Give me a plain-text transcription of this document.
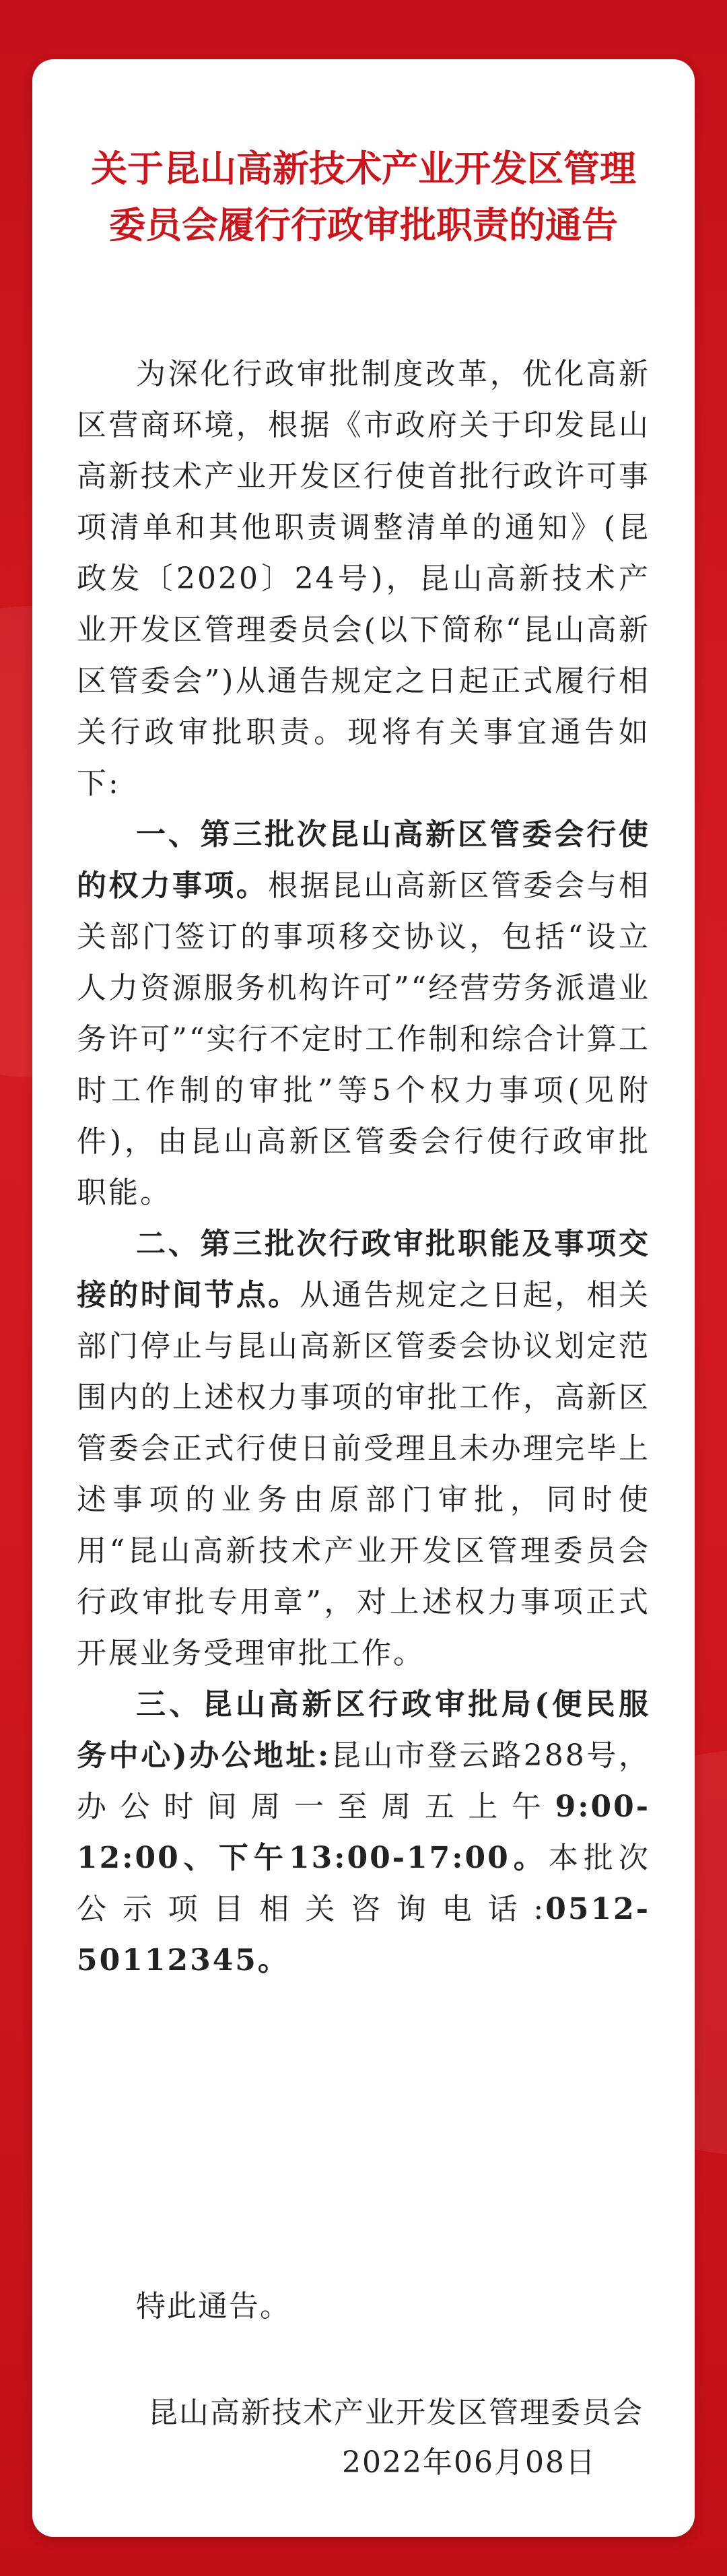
关于昆山高新技术产业开发区管理
委员会履行行政审批职责的通告

为深化行政审批制度改革，优化高新区营商环境，根据《市政府关于印发昆山高新技术产业开发区行使首批行政许可事项清单和其他职责调整清单的通知》(昆政发〔2020〕24号)，昆山高新技术产业开发区管理委员会(以下简称“昆山高新区管委会”)从通告规定之日起正式履行相关行政审批职责。现将有关事宜通告如下:

一、第三批次昆山高新区管委会行使的权力事项。根据昆山高新区管委会与相关部门签订的事项移交协议，包括“设立人力资源服务机构许可”“经营劳务派遣业务许可”“实行不定时工作制和综合计算工时工作制的审批”等5个权力事项(见附件)，由昆山高新区管委会行使行政审批职能。

二、第三批次行政审批职能及事项交接的时间节点。从通告规定之日起，相关部门停止与昆山高新区管委会协议划定范围内的上述权力事项的审批工作，高新区管委会正式行使日前受理且未办理完毕上述事项的业务由原部门审批，同时使用“昆山高新技术产业开发区管理委员会行政审批专用章”，对上述权力事项正式开展业务受理审批工作。

三、昆山高新区行政审批局(便民服务中心)办公地址:昆山市登云路288号，办公时间周一至周五上午9:00-12:00、下午13:00-17:00。本批次公示项目相关咨询电话:0512-50112345。

特此通告。
昆山高新技术产业开发区管理委员会
2022年06月08日
